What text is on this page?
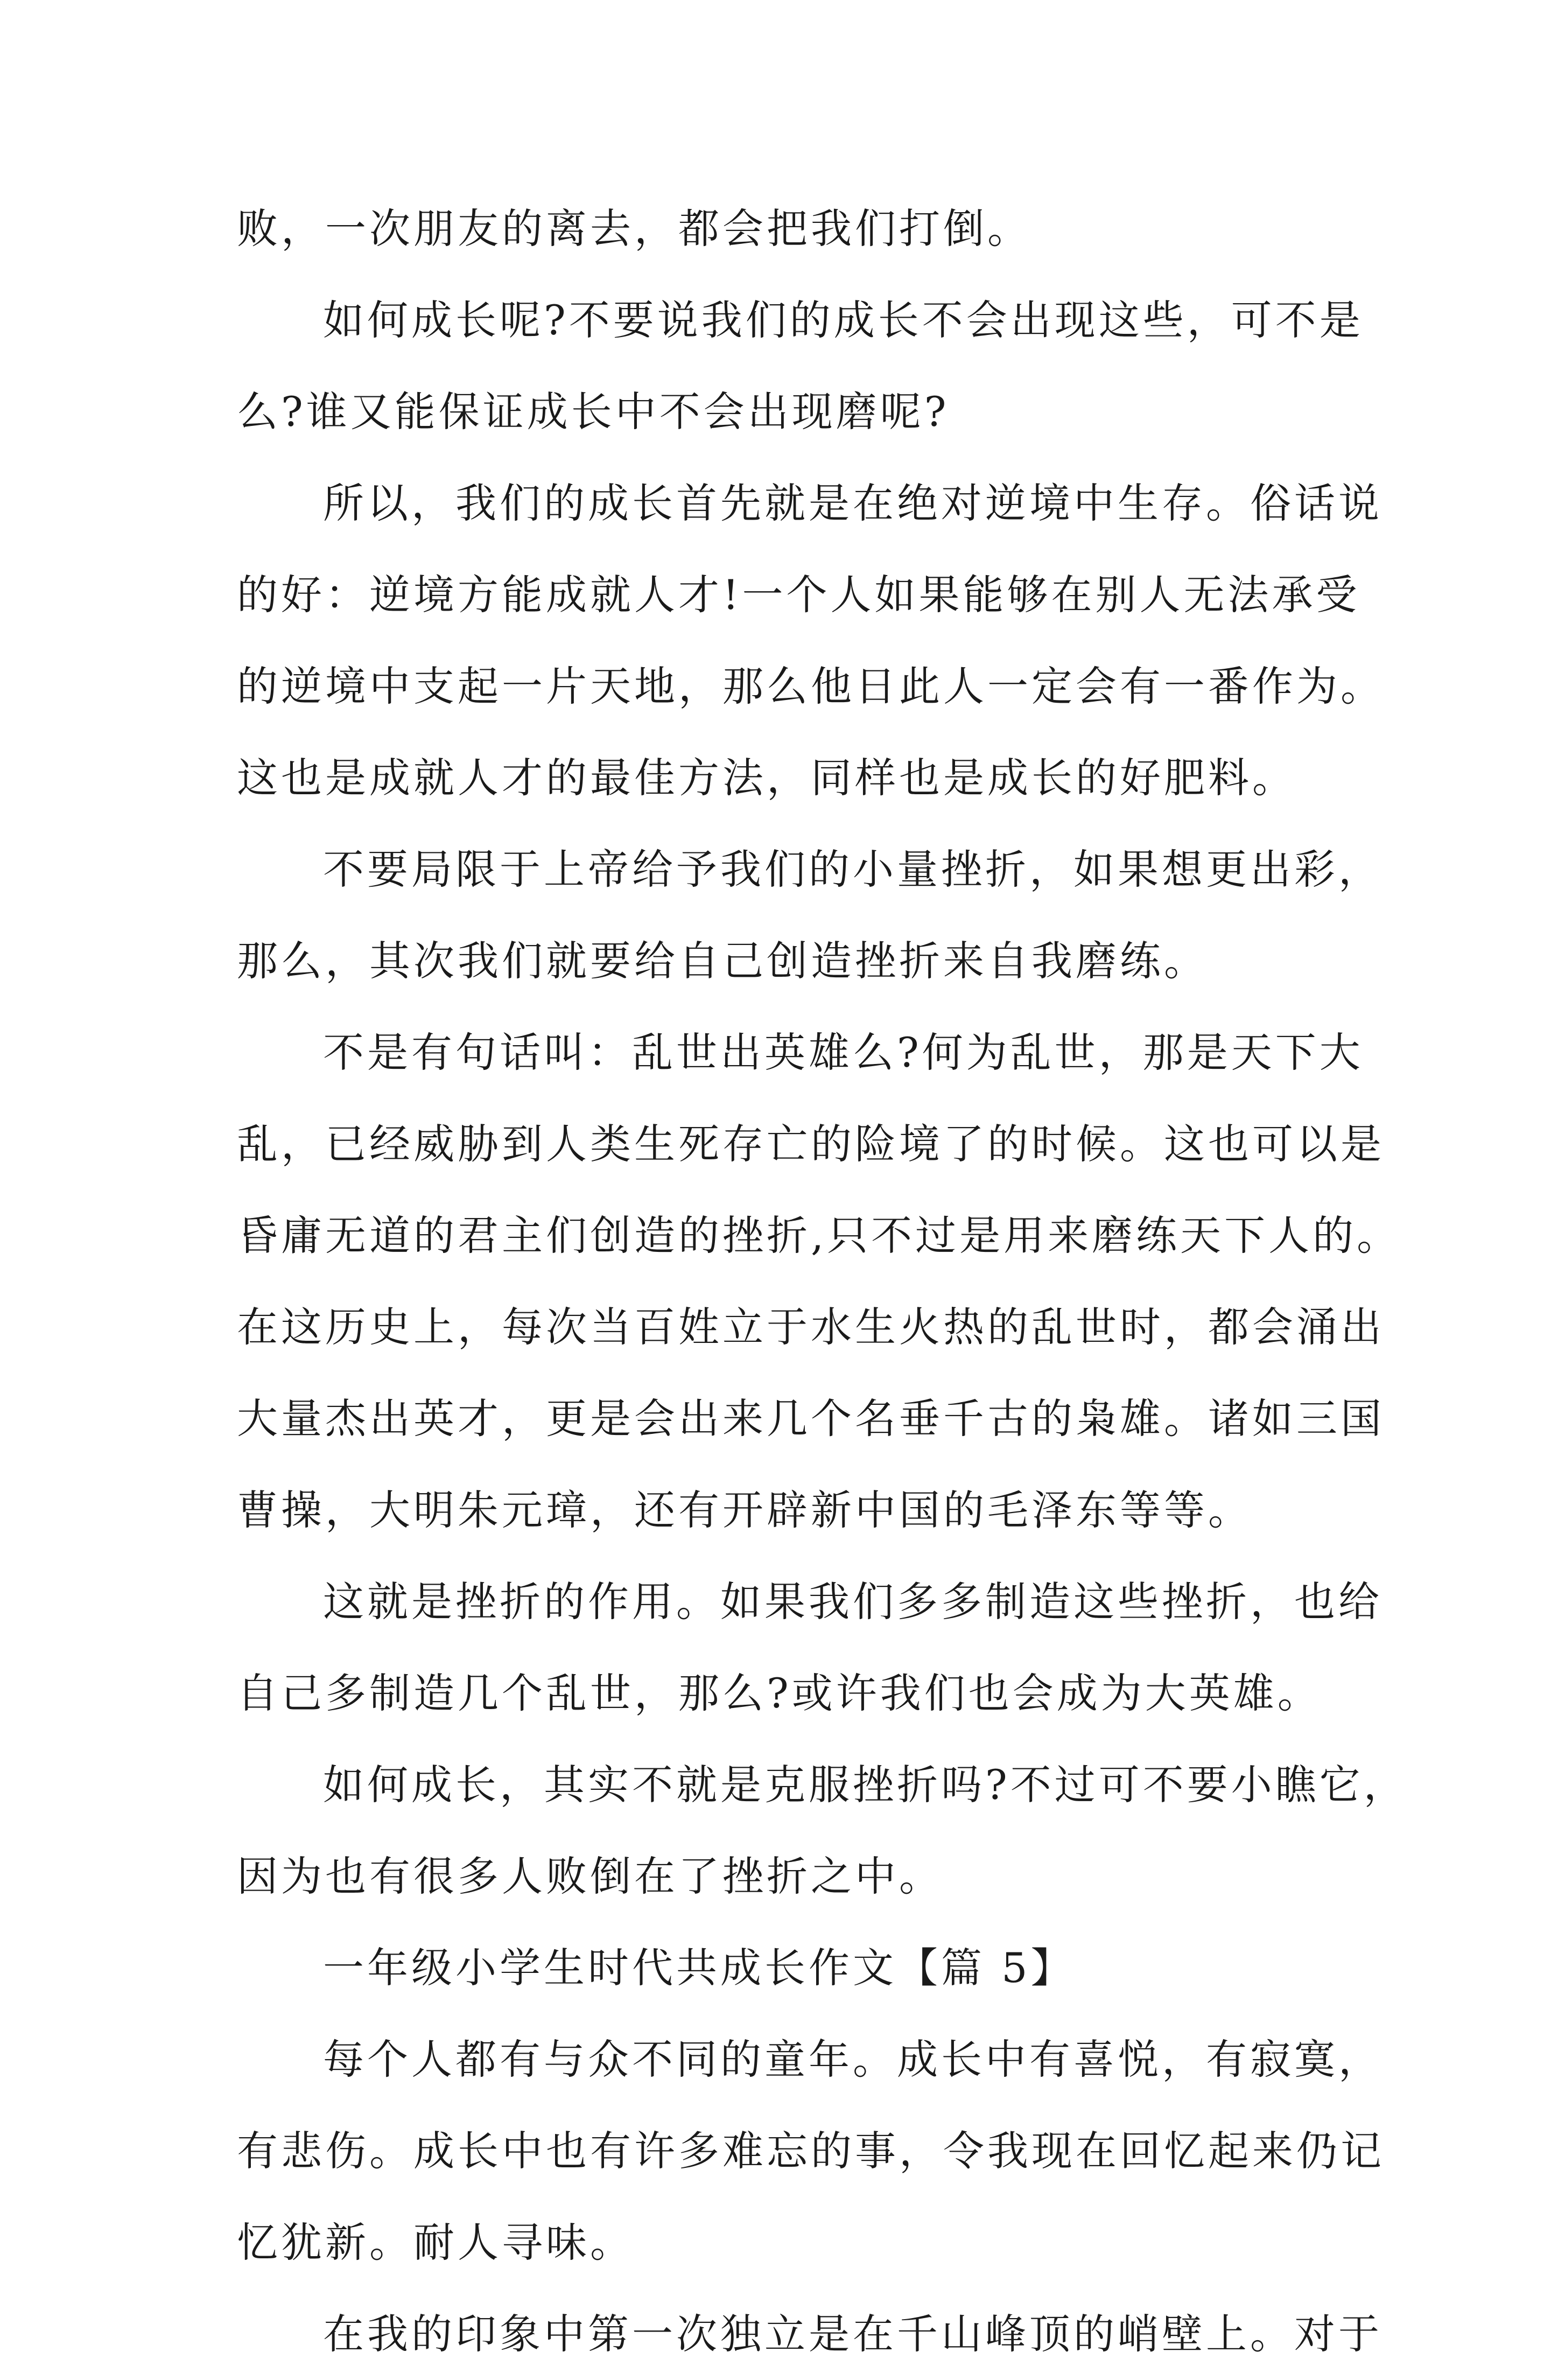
败，一次朋友的离去，都会把我们打倒。
如何成长呢?不要说我们的成长不会出现这些，可不是
么?谁又能保证成长中不会出现磨呢?
所以，我们的成长首先就是在绝对逆境中生存。俗话说
的好：逆境方能成就人才!一个人如果能够在别人无法承受
的逆境中支起一片天地，那么他日此人一定会有一番作为。
这也是成就人才的最佳方法，同样也是成长的好肥料。
不要局限于上帝给予我们的小量挫折，如果想更出彩，
那么，其次我们就要给自己创造挫折来自我磨练。
不是有句话叫：乱世出英雄么?何为乱世，那是天下大
乱，已经威胁到人类生死存亡的险境了的时候。这也可以是
昏庸无道的君主们创造的挫折,只不过是用来磨练天下人的。
在这历史上，每次当百姓立于水生火热的乱世时，都会涌出
大量杰出英才，更是会出来几个名垂千古的枭雄。诸如三国
曹操，大明朱元璋，还有开辟新中国的毛泽东等等。
这就是挫折的作用。如果我们多多制造这些挫折，也给
自己多制造几个乱世，那么?或许我们也会成为大英雄。
如何成长，其实不就是克服挫折吗?不过可不要小瞧它，
因为也有很多人败倒在了挫折之中。
一年级小学生时代共成长作文【篇 5】
每个人都有与众不同的童年。成长中有喜悦，有寂寞，
有悲伤。成长中也有许多难忘的事，令我现在回忆起来仍记
忆犹新。耐人寻味。
在我的印象中第一次独立是在千山峰顶的峭壁上。对于
